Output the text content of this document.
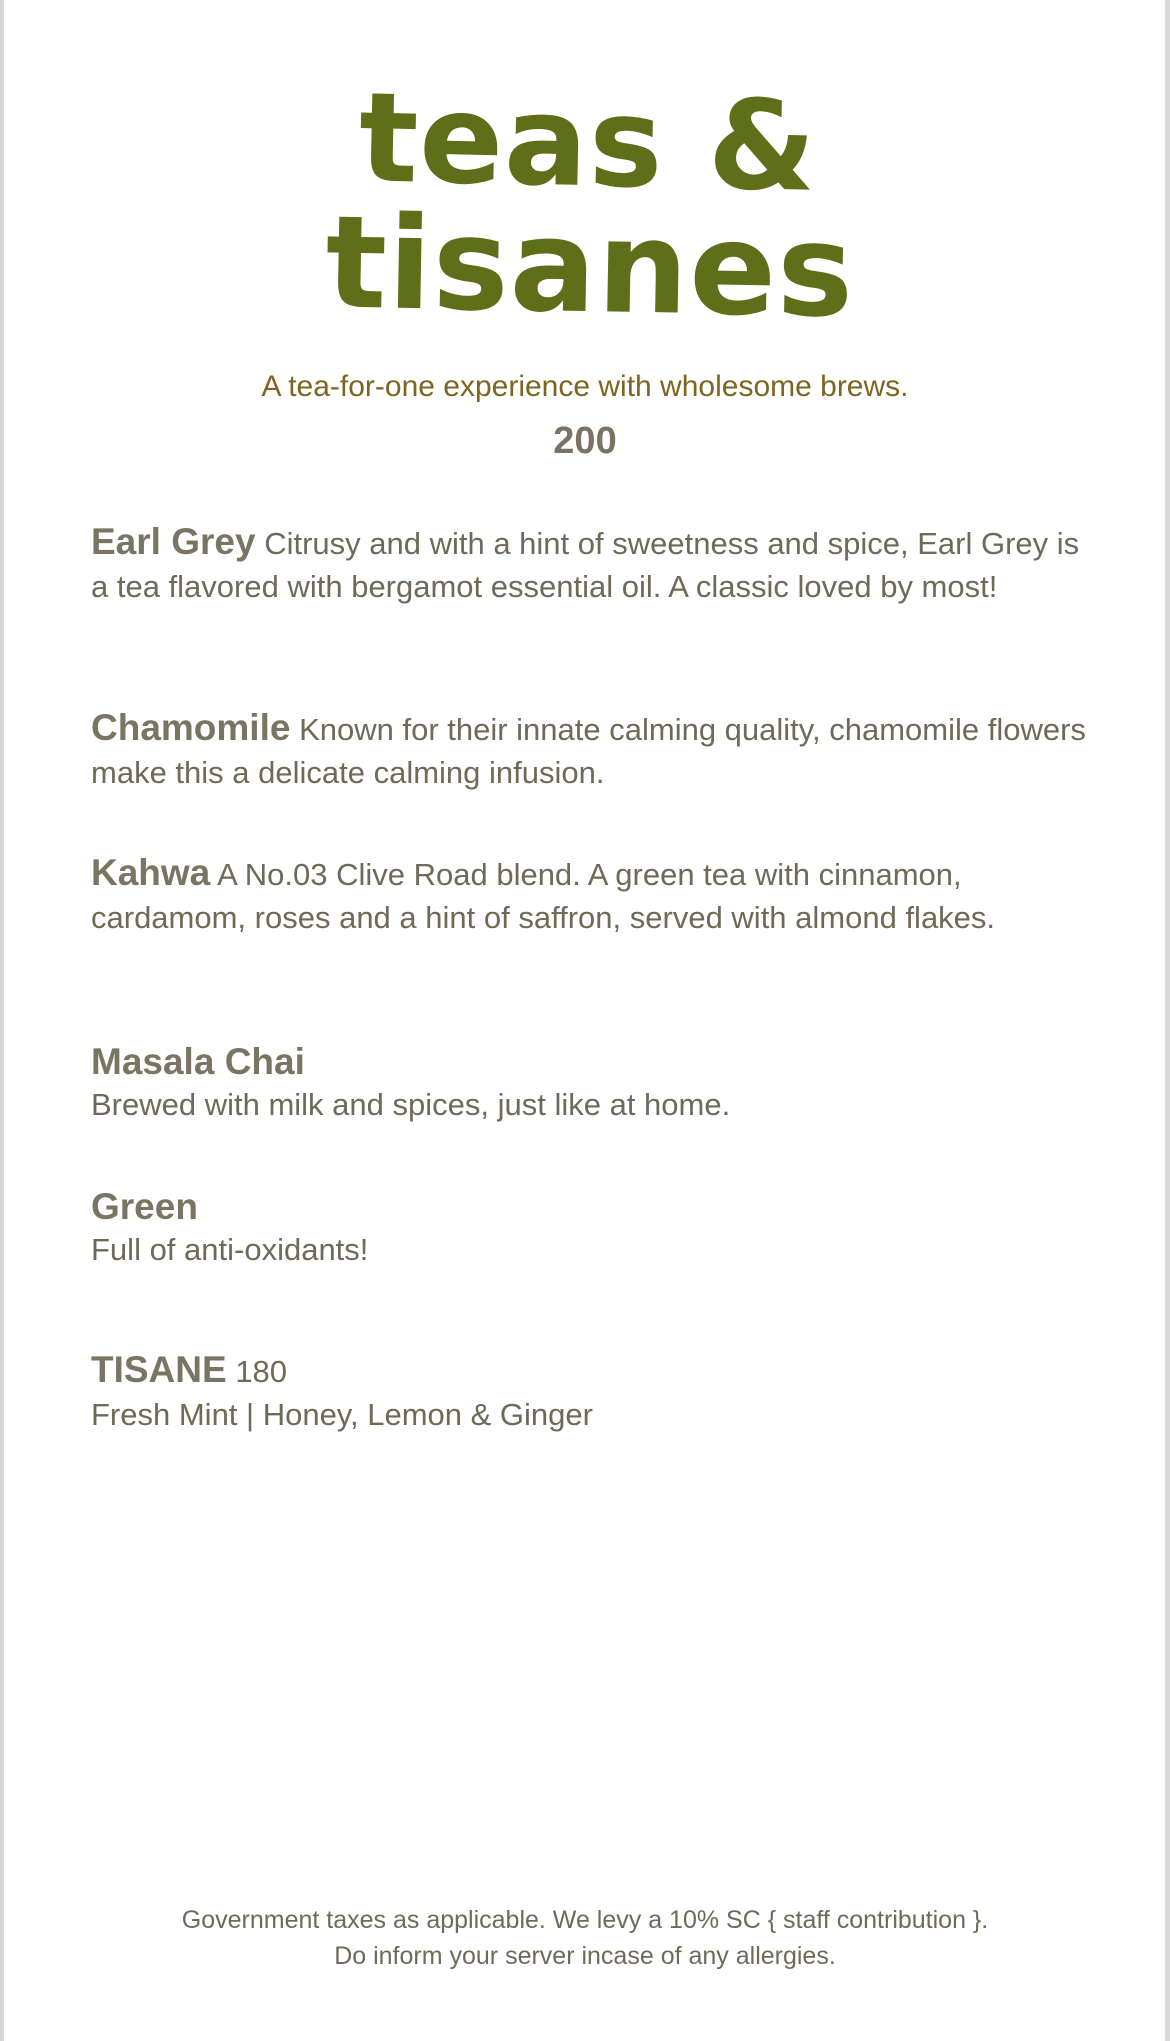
teas &
tisanes

A tea-for-one experience with wholesome brews.

200

Earl Grey Citrusy and with a hint of sweetness and spice, Earl Grey is a tea flavored with bergamot essential oil. A classic loved by most!
Chamomile Known for their innate calming quality, chamomile flowers make this a delicate calming infusion.
Kahwa A No.03 Clive Road blend. A green tea with cinnamon, cardamom, roses and a hint of saffron, served with almond flakes.
Masala Chai
Brewed with milk and spices, just like at home.
Green
Full of anti-oxidants!
TISANE 180
Fresh Mint | Honey, Lemon & Ginger
Government taxes as applicable. We levy a 10% SC { staff contribution }.
Do inform your server incase of any allergies.
